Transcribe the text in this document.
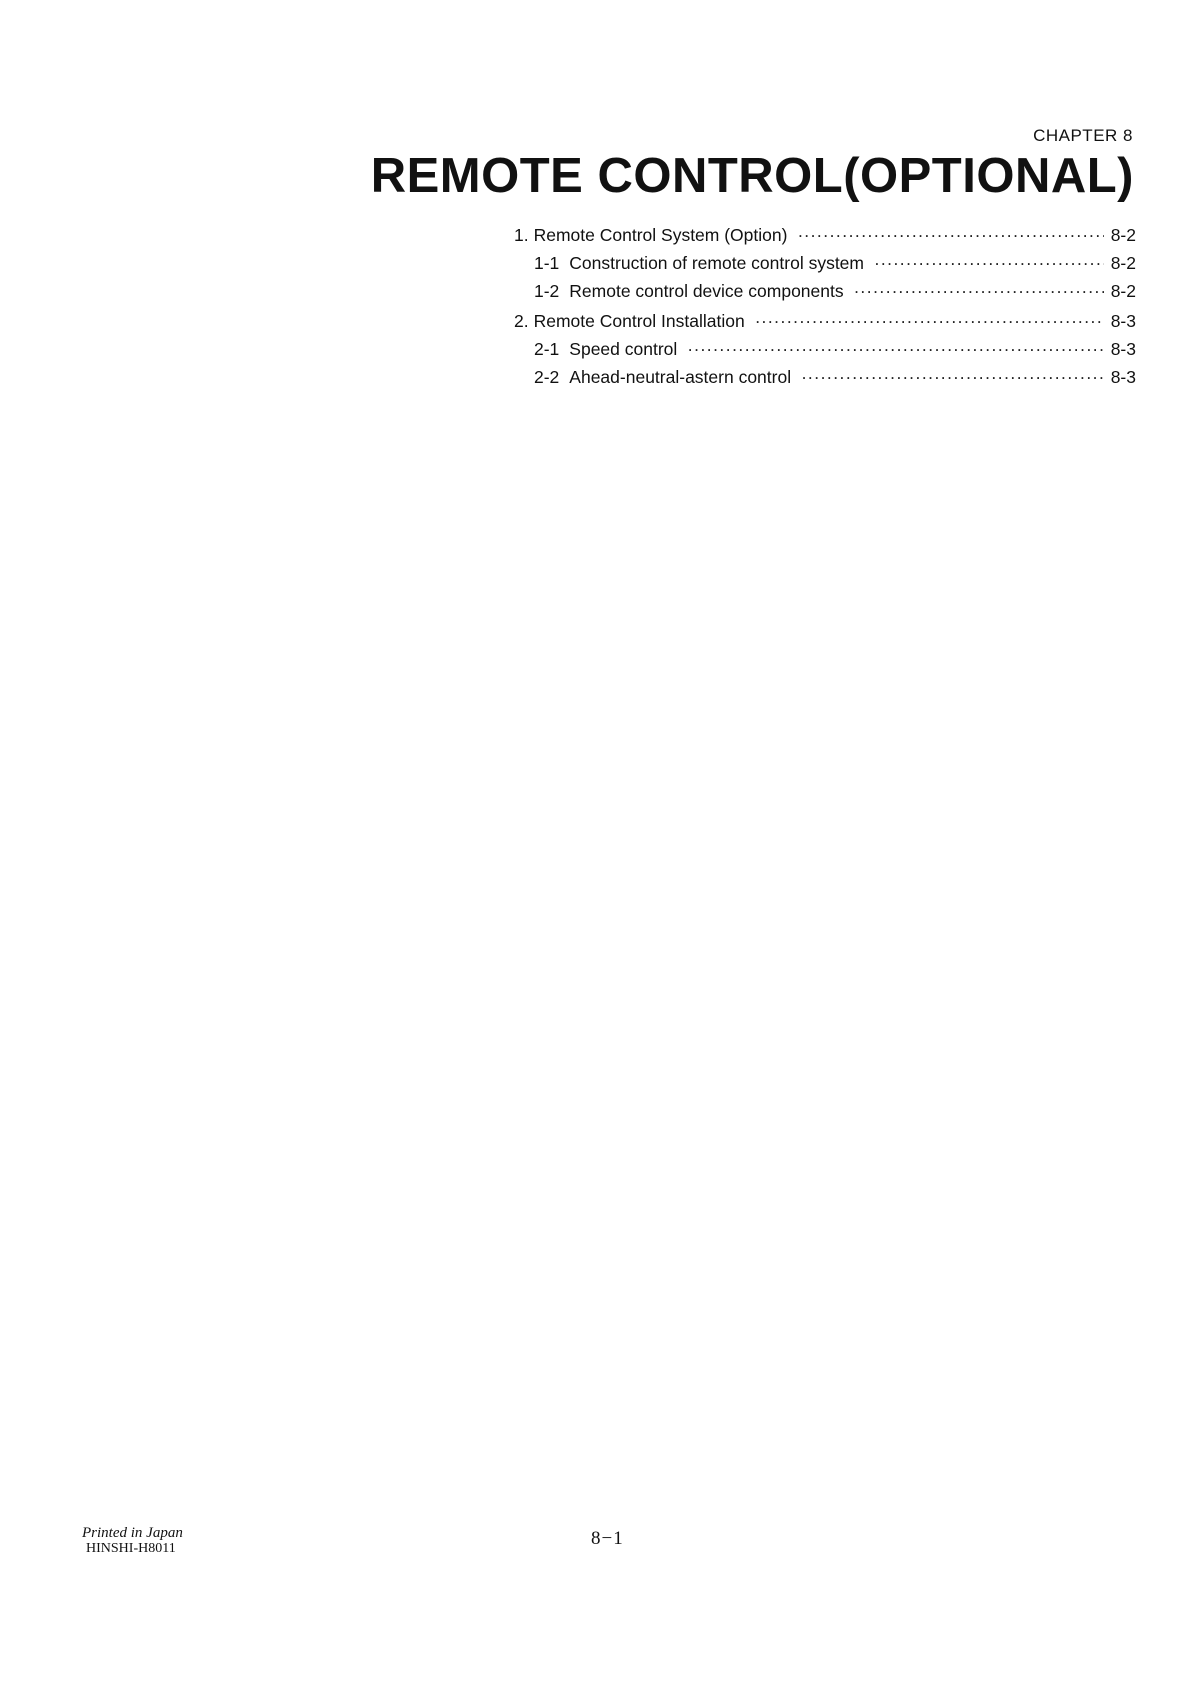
CHAPTER 8
REMOTE CONTROL(OPTIONAL)
1. Remote Control System (Option) ·····	8-2
1-1 Construction of remote control system ·····	8-2
1-2 Remote control device components ·····	8-2
2. Remote Control Installation ·····	8-3
2-1 Speed control ·····	8-3
2-2 Ahead-neutral-astern control ·····	8-3
Printed in Japan
HINSHI-H8011	8−1
